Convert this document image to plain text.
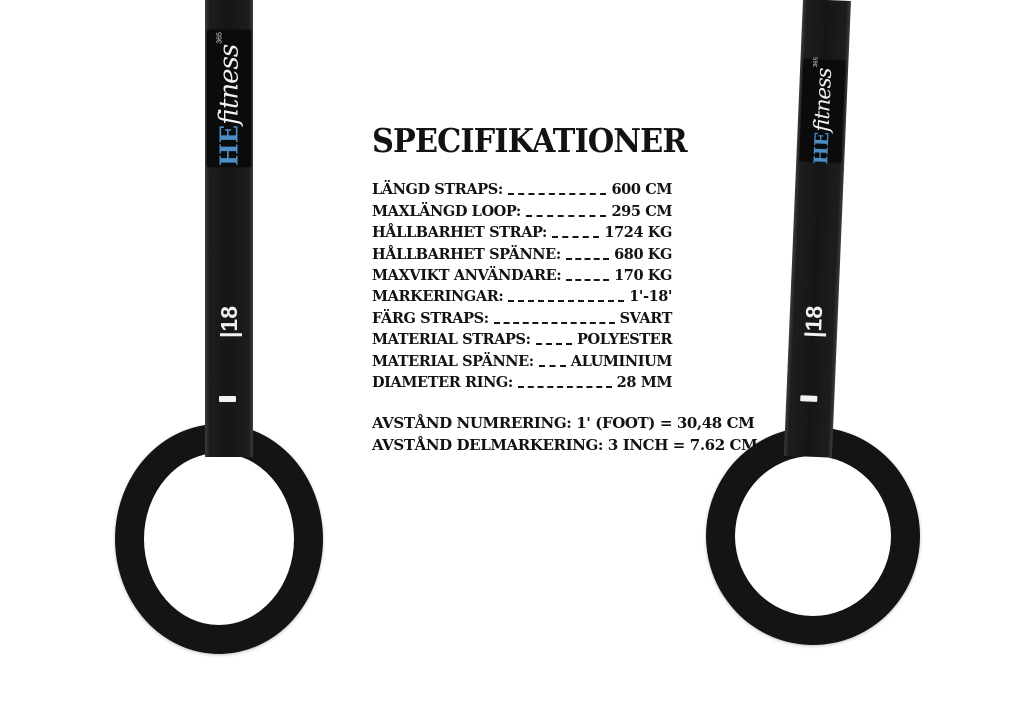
HE
fitness
365
|18
HE
fitness
365
|18
SPECIFIKATIONER
LÄNGD STRAPS:	600 CM
MAXLÄNGD LOOP:	295 CM
HÅLLBARHET STRAP:	1724 KG
HÅLLBARHET SPÄNNE:	680 KG
MAXVIKT ANVÄNDARE:	170 KG
MARKERINGAR:	1'-18'
FÄRG STRAPS:	SVART
MATERIAL STRAPS:	POLYESTER
MATERIAL SPÄNNE:	ALUMINIUM
DIAMETER RING:	28 MM
AVSTÅND NUMRERING: 1' (FOOT) = 30,48 CM
AVSTÅND DELMARKERING: 3 INCH = 7.62 CM
